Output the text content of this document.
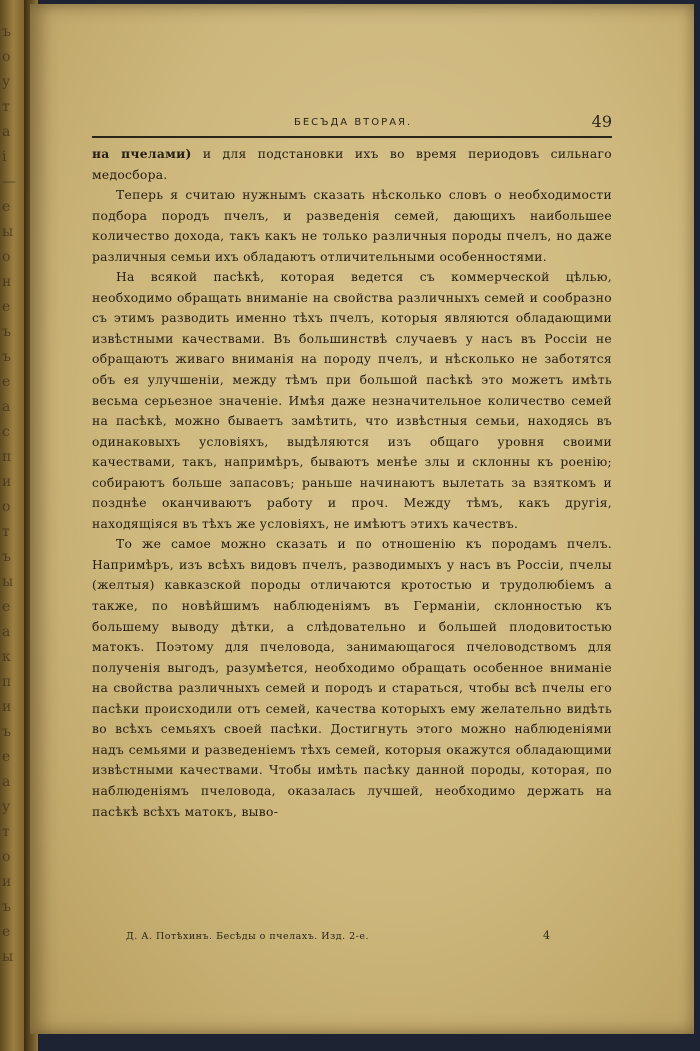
ъ
о
у
т
а
і
—
е
ы
о
н
е
ъ
ъ
е
а
с
п
и
о
т
ъ
ы
е
а
к
п
и
ъ
е
а
у
т
о
и
ъ
е
ы
БЕСЪДА ВТОРАЯ.	49

на пчелами) и для подстановки ихъ во время периодовъ сильнаго медосбора.

Теперь я считаю нужнымъ сказать нѣсколько словъ о необходимости подбора породъ пчелъ, и разведенія семей, дающихъ наибольшее количество дохода, такъ какъ не только различныя породы пчелъ, но даже различныя семьи ихъ обладаютъ отличительными особенностями.

На всякой пасѣкѣ, которая ведется съ коммерческой цѣлью, необходимо обращать вниманіе на свойства различныхъ семей и сообразно съ этимъ разводить именно тѣхъ пчелъ, которыя являются обладающими извѣстными качествами. Въ большинствѣ случаевъ у насъ въ Россіи не обращаютъ живаго вниманія на породу пчелъ, и нѣсколько не заботятся объ ея улучшеніи, между тѣмъ при большой пасѣкѣ это можетъ имѣть весьма серьезное значеніе. Имѣя даже незначительное количество семей на пасѣкѣ, можно бываетъ замѣтить, что извѣстныя семьи, находясь въ одинаковыхъ условіяхъ, выдѣляются изъ общаго уровня своими качествами, такъ, напримѣръ, бываютъ менѣе злы и склонны къ роенію; собираютъ больше запасовъ; раньше начинаютъ вылетать за взяткомъ и позднѣе оканчиваютъ работу и проч. Между тѣмъ, какъ другія, находящіяся въ тѣхъ же условіяхъ, не имѣютъ этихъ качествъ.

То же самое можно сказать и по отношенію къ породамъ пчелъ. Напримѣръ, изъ всѣхъ видовъ пчелъ, разводимыхъ у насъ въ Россіи, пчелы (желтыя) кавказской породы отличаются кротостью и трудолюбіемъ а также, по новѣйшимъ наблюденіямъ въ Германіи, склонностью къ большему выводу дѣтки, а слѣдовательно и большей плодовитостью матокъ. Поэтому для пчеловода, занимающагося пчеловодствомъ для полученія выгодъ, разумѣется, необходимо обращать особенное вниманіе на свойства различныхъ семей и породъ и стараться, чтобы всѣ пчелы его пасѣки происходили отъ семей, качества которыхъ ему желательно видѣть во всѣхъ семьяхъ своей пасѣки. Достигнуть этого можно наблюденіями надъ семьями и разведеніемъ тѣхъ семей, которыя окажутся обладающими извѣстными качествами. Чтобы имѣть пасѣку данной породы, которая, по наблюденіямъ пчеловода, оказалась лучшей, необходимо держать на пасѣкѣ всѣхъ матокъ, выво-

Д. А. Потѣхинъ. Бесѣды о пчелахъ. Изд. 2-е.	4
